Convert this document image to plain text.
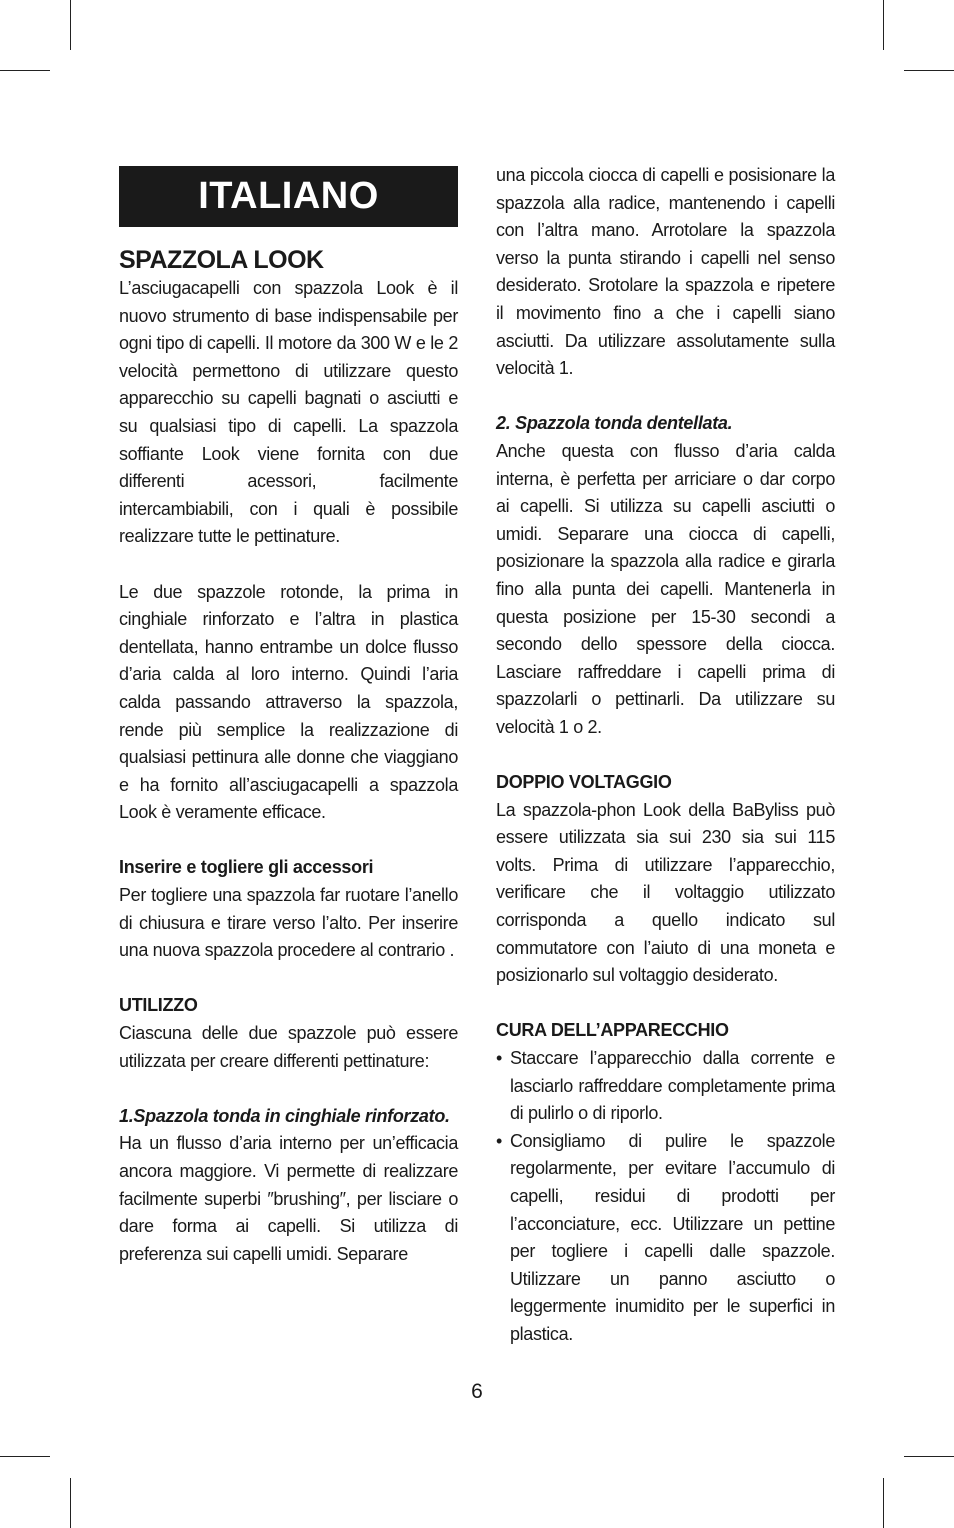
ITALIANO
SPAZZOLA LOOK

L’asciugacapelli con spazzola Look è il nuovo strumento di base indispensabile per ogni tipo di capelli. Il motore da 300 W e le 2 velocità permettono di utilizzare questo apparecchio su capelli bagnati o asciutti e su qualsiasi tipo di capelli. La spazzola soffiante Look viene fornita con due differenti acessori, facilmente intercambiabili, con i quali è possibile realizzare tutte le pettinature.

Le due spazzole rotonde, la prima in cinghiale rinforzato e l’altra in plastica dentellata, hanno entrambe un dolce flusso d’aria calda al loro interno. Quindi l’aria calda passando attraverso la spazzola, rende più semplice la realizzazione di qualsiasi pettinura alle donne che viaggiano e ha fornito all’asciugacapelli a spazzola Look è veramente efficace.

Inserire e togliere gli accessori

Per togliere una spazzola far ruotare l’anello di chiusura e tirare verso l’alto. Per inserire una nuova spazzola procedere al contrario .

UTILIZZO

Ciascuna delle due spazzole può essere utilizzata per creare differenti pettinature:

1.Spazzola tonda in cinghiale rinforzato.

Ha un flusso d’aria interno per un’efficacia ancora maggiore. Vi permette di realizzare facilmente superbi ″brushing″, per lisciare o dare forma ai capelli. Si utilizza di preferenza sui capelli umidi. Separare

una piccola ciocca di capelli e posisionare la spazzola alla radice, mantenendo i capelli con l’altra mano. Arrotolare la spazzola verso la punta stirando i capelli nel senso desiderato. Srotolare la spazzola e ripetere il movimento fino a che i capelli siano asciutti. Da utilizzare assolutamente sulla velocità 1.

2. Spazzola tonda dentellata.

Anche questa con flusso d’aria calda interna, è perfetta per arriciare o dar corpo ai capelli. Si utilizza su capelli asciutti o umidi. Separare una ciocca di capelli, posizionare la spazzola alla radice e girarla fino alla punta dei capelli. Mantenerla in questa posizione per 15-30 secondi a secondo dello spessore della ciocca. Lasciare raffreddare i capelli prima di spazzolarli o pettinarli. Da utilizzare su velocità 1 o 2.

DOPPIO VOLTAGGIO

La spazzola-phon Look della BaByliss può essere utilizzata sia sui 230 sia sui 115 volts. Prima di utilizzare l’apparecchio, verificare che il voltaggio utilizzato corrisponda a quello indicato sul commutatore con l’aiuto di una moneta e posizionarlo sul voltaggio desiderato.

CURA DELL’APPARECCHIO
• Staccare l’apparecchio dalla corrente e lasciarlo raffreddare completamente prima di pulirlo o di riporlo.

• Consigliamo di pulire le spazzole regolarmente, per evitare l’accumulo di capelli, residui di prodotti per l’acconciature, ecc. Utilizzare un pettine per togliere i capelli dalle spazzole. Utilizzare un panno asciutto o leggermente inumidito per le superfici in plastica.

6
